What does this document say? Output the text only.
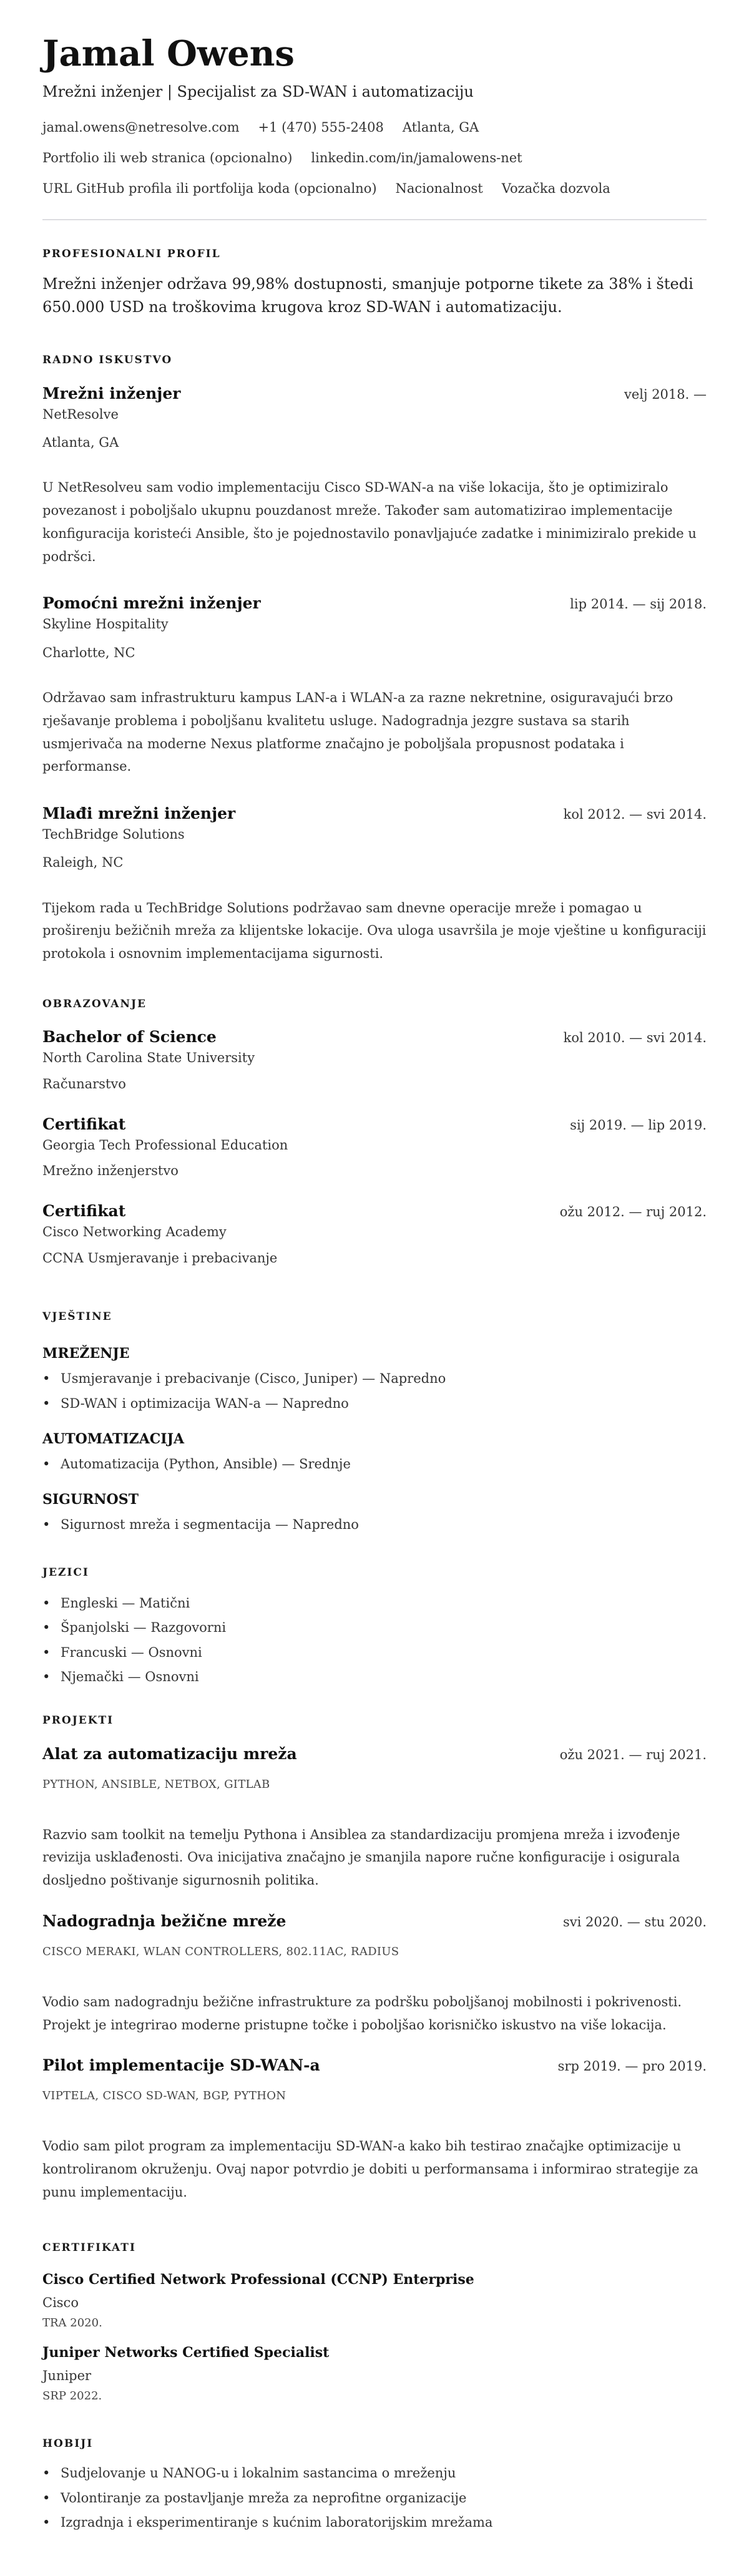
Jamal Owens

Mrežni inženjer | Specijalist za SD-WAN i automatizaciju

jamal.owens@netresolve.com +1 (470) 555-2408 Atlanta, GA
Portfolio ili web stranica (opcionalno) linkedin.com/in/jamalowens-net
URL GitHub profila ili portfolija koda (opcionalno) Nacionalnost Vozačka dozvola
PROFESIONALNI PROFIL

Mrežni inženjer održava 99,98% dostupnosti, smanjuje potporne tikete za 38% i štedi 650.000 USD na troškovima krugova kroz SD-WAN i automatizaciju.

RADNO ISKUSTVO
Mrežni inženjer	velj 2018. —

NetResolve

Atlanta, GA

U NetResolveu sam vodio implementaciju Cisco SD-WAN-a na više lokacija, što je optimiziralo povezanost i poboljšalo ukupnu pouzdanost mreže. Također sam automatizirao implementacije konfiguracija koristeći Ansible, što je pojednostavilo ponavljajuće zadatke i minimiziralo prekide u podršci.

Pomoćni mrežni inženjer	lip 2014. — sij 2018.

Skyline Hospitality

Charlotte, NC

Održavao sam infrastrukturu kampus LAN-a i WLAN-a za razne nekretnine, osiguravajući brzo rješavanje problema i poboljšanu kvalitetu usluge. Nadogradnja jezgre sustava sa starih usmjerivača na moderne Nexus platforme značajno je poboljšala propusnost podataka i performanse.

Mlađi mrežni inženjer	kol 2012. — svi 2014.

TechBridge Solutions

Raleigh, NC

Tijekom rada u TechBridge Solutions podržavao sam dnevne operacije mreže i pomagao u proširenju bežičnih mreža za klijentske lokacije. Ova uloga usavršila je moje vještine u konfiguraciji protokola i osnovnim implementacijama sigurnosti.

OBRAZOVANJE
Bachelor of Science	kol 2010. — svi 2014.

North Carolina State University

Računarstvo

Certifikat	sij 2019. — lip 2019.

Georgia Tech Professional Education

Mrežno inženjerstvo

Certifikat	ožu 2012. — ruj 2012.

Cisco Networking Academy

CCNA Usmjeravanje i prebacivanje

VJEŠTINE
MREŽENJE
• Usmjeravanje i prebacivanje (Cisco, Juniper) — Napredno
• SD-WAN i optimizacija WAN-a — Napredno
AUTOMATIZACIJA
• Automatizacija (Python, Ansible) — Srednje
SIGURNOST
• Sigurnost mreža i segmentacija — Napredno
JEZICI
• Engleski — Matični
• Španjolski — Razgovorni
• Francuski — Osnovni
• Njemački — Osnovni
PROJEKTI
Alat za automatizaciju mreža	ožu 2021. — ruj 2021.

PYTHON, ANSIBLE, NETBOX, GITLAB

Razvio sam toolkit na temelju Pythona i Ansiblea za standardizaciju promjena mreža i izvođenje revizija usklađenosti. Ova inicijativa značajno je smanjila napore ručne konfiguracije i osigurala dosljedno poštivanje sigurnosnih politika.

Nadogradnja bežične mreže	svi 2020. — stu 2020.

CISCO MERAKI, WLAN CONTROLLERS, 802.11AC, RADIUS

Vodio sam nadogradnju bežične infrastrukture za podršku poboljšanoj mobilnosti i pokrivenosti. Projekt je integrirao moderne pristupne točke i poboljšao korisničko iskustvo na više lokacija.

Pilot implementacije SD-WAN-a	srp 2019. — pro 2019.

VIPTELA, CISCO SD-WAN, BGP, PYTHON

Vodio sam pilot program za implementaciju SD-WAN-a kako bih testirao značajke optimizacije u kontroliranom okruženju. Ovaj napor potvrdio je dobiti u performansama i informirao strategije za punu implementaciju.

CERTIFIKATI
Cisco Certified Network Professional (CCNP) Enterprise

Cisco

TRA 2020.

Juniper Networks Certified Specialist

Juniper

SRP 2022.

HOBIJI
• Sudjelovanje u NANOG-u i lokalnim sastancima o mreženju
• Volontiranje za postavljanje mreža za neprofitne organizacije
• Izgradnja i eksperimentiranje s kućnim laboratorijskim mrežama
